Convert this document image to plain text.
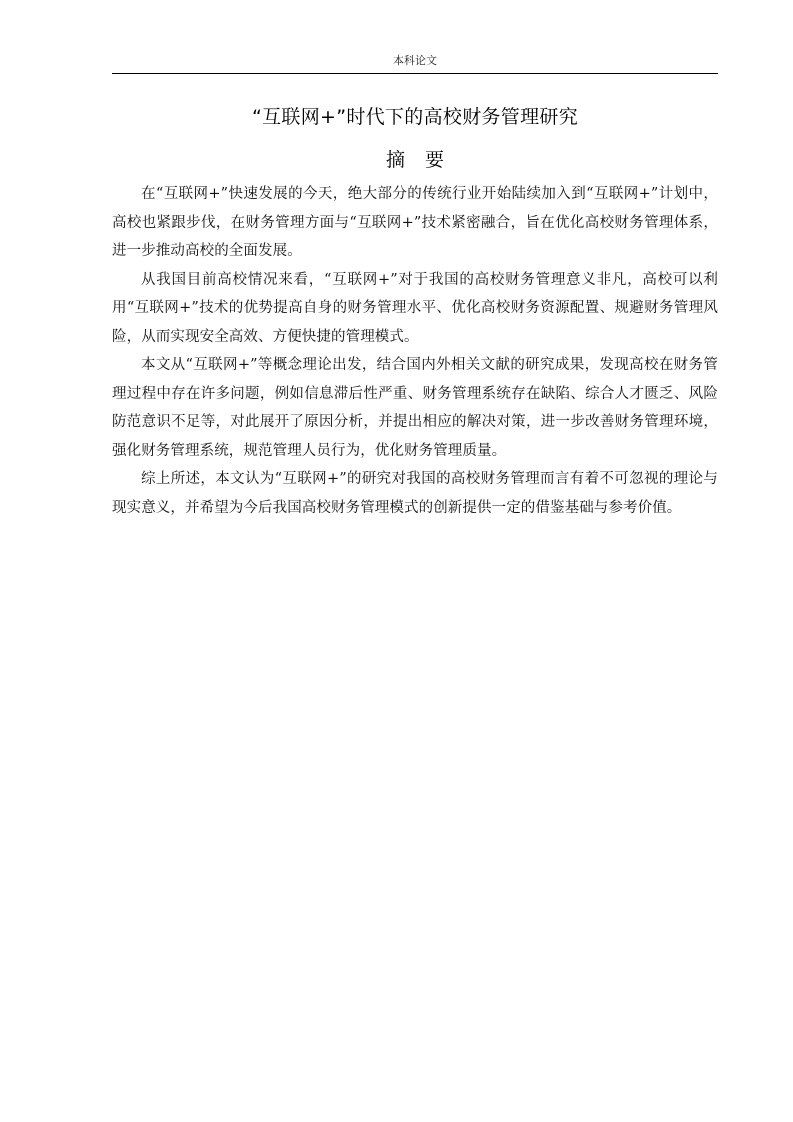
本科论文
“互联网+”时代下的高校财务管理研究
摘要

在“互联网+”快速发展的今天，绝大部分的传统行业开始陆续加入到“互联网+”计划中，高校也紧跟步伐，在财务管理方面与“互联网+”技术紧密融合，旨在优化高校财务管理体系，进一步推动高校的全面发展。

从我国目前高校情况来看，“互联网+”对于我国的高校财务管理意义非凡，高校可以利用“互联网+”技术的优势提高自身的财务管理水平、优化高校财务资源配置、规避财务管理风险，从而实现安全高效、方便快捷的管理模式。

本文从“互联网+”等概念理论出发，结合国内外相关文献的研究成果，发现高校在财务管理过程中存在许多问题，例如信息滞后性严重、财务管理系统存在缺陷、综合人才匮乏、风险防范意识不足等，对此展开了原因分析，并提出相应的解决对策，进一步改善财务管理环境，强化财务管理系统，规范管理人员行为，优化财务管理质量。

综上所述，本文认为“互联网+”的研究对我国的高校财务管理而言有着不可忽视的理论与现实意义，并希望为今后我国高校财务管理模式的创新提供一定的借鉴基础与参考价值。
